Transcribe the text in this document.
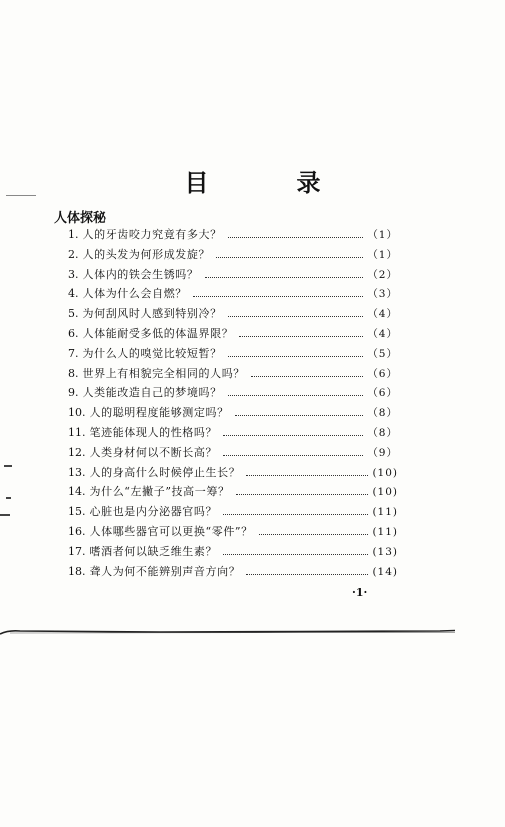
目　录
人体探秘
1. 人的牙齿咬力究竟有多大？	（1）
2. 人的头发为何形成发旋？	（1）
3. 人体内的铁会生锈吗？	（2）
4. 人体为什么会自燃？	（3）
5. 为何刮风时人感到特别冷？	（4）
6. 人体能耐受多低的体温界限？	（4）
7. 为什么人的嗅觉比较短暂？	（5）
8. 世界上有相貌完全相同的人吗？	（6）
9. 人类能改造自己的梦境吗？	（6）
10. 人的聪明程度能够测定吗？	（8）
11. 笔迹能体现人的性格吗？	（8）
12. 人类身材何以不断长高？	（9）
13. 人的身高什么时候停止生长？	(10)
14. 为什么“左撇子”技高一筹？	(10)
15. 心脏也是内分泌器官吗？	(11)
16. 人体哪些器官可以更换“零件”？	(11)
17. 嗜酒者何以缺乏维生素？	(13)
18. 聋人为何不能辨别声音方向？	(14)
·1·
